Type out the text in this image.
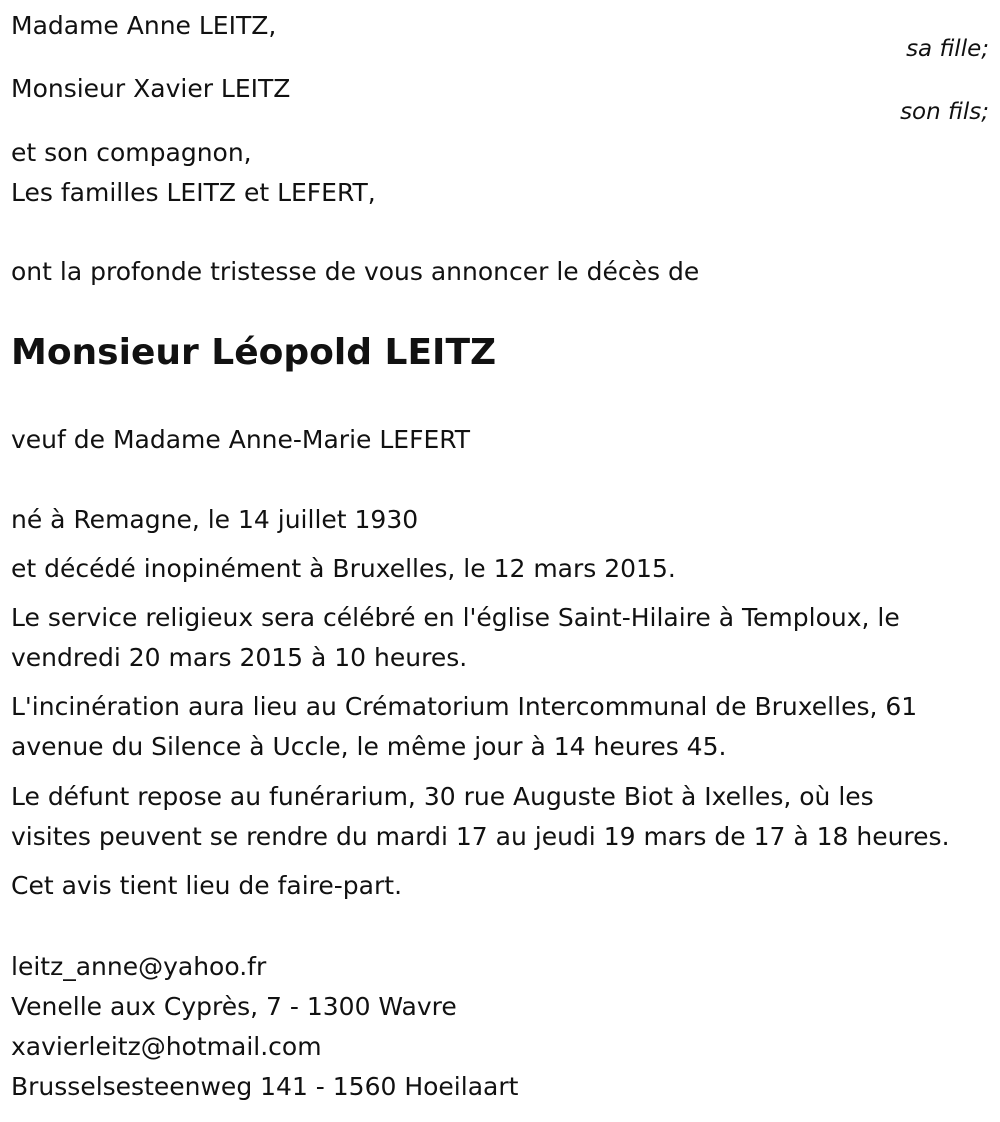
Madame Anne LEITZ,
sa fille;
Monsieur Xavier LEITZ
son fils;
et son compagnon,
Les familles LEITZ et LEFERT,
ont la profonde tristesse de vous annoncer le décès de
Monsieur Léopold LEITZ
veuf de Madame Anne-Marie LEFERT
né à Remagne, le 14 juillet 1930
et décédé inopinément à Bruxelles, le 12 mars 2015.
Le service religieux sera célébré en l'église Saint-Hilaire à Temploux, le
vendredi 20 mars 2015 à 10 heures.
L'incinération aura lieu au Crématorium Intercommunal de Bruxelles, 61
avenue du Silence à Uccle, le même jour à 14 heures 45.
Le défunt repose au funérarium, 30 rue Auguste Biot à Ixelles, où les
visites peuvent se rendre du mardi 17 au jeudi 19 mars de 17 à 18 heures.
Cet avis tient lieu de faire-part.
leitz_anne@yahoo.fr
Venelle aux Cyprès, 7 - 1300 Wavre
xavierleitz@hotmail.com
Brusselsesteenweg 141 - 1560 Hoeilaart
